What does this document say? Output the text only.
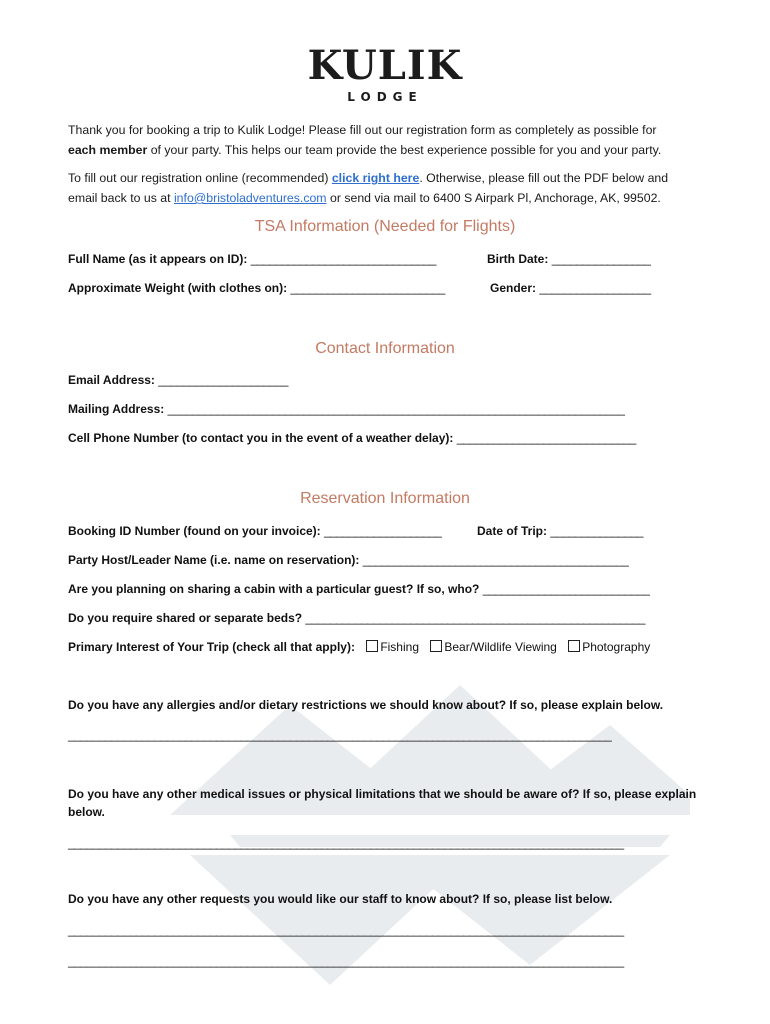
KULIK
LODGE
Thank you for booking a trip to Kulik Lodge! Please fill out our registration form as completely as possible for
each member of your party. This helps our team provide the best experience possible for you and your party.
To fill out our registration online (recommended) click right here. Otherwise, please fill out the PDF below and
email back to us at info@bristoladventures.com or send via mail to 6400 S Airpark Pl, Anchorage, AK, 99502.
TSA Information (Needed for Flights)
Full Name (as it appears on ID): ______________________________	Birth Date: ________________
Approximate Weight (with clothes on): _________________________	Gender: __________________
Contact Information
Email Address: _____________________
Mailing Address: __________________________________________________________________________
Cell Phone Number (to contact you in the event of a weather delay): _____________________________
Reservation Information
Booking ID Number (found on your invoice): ___________________	Date of Trip: _______________
Party Host/Leader Name (i.e. name on reservation): ___________________________________________
Are you planning on sharing a cabin with a particular guest? If so, who? ___________________________
Do you require shared or separate beds? _______________________________________________________
Primary Interest of Your Trip (check all that apply): Fishing Bear/Wildlife Viewing Photography
Do you have any allergies and/or dietary restrictions we should know about? If so, please explain below.
________________________________________________________________________________________
Do you have any other medical issues or physical limitations that we should be aware of? If so, please explain
below.
__________________________________________________________________________________________
Do you have any other requests you would like our staff to know about? If so, please list below.
__________________________________________________________________________________________
__________________________________________________________________________________________
